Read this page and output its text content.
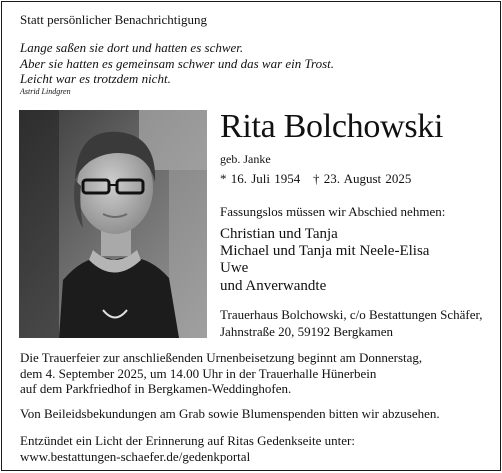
Statt persönlicher Benachrichtigung
Lange saßen sie dort und hatten es schwer.
Aber sie hatten es gemeinsam schwer und das war ein Trost.
Leicht war es trotzdem nicht.
Astrid Lindgren
Rita Bolchowski
geb. Janke
* 16. Juli 1954   † 23. August 2025
Fassungslos müssen wir Abschied nehmen:
Christian und Tanja
Michael und Tanja mit Neele-Elisa
Uwe
und Anverwandte
Trauerhaus Bolchowski, c/o Bestattungen Schäfer,
Jahnstraße 20, 59192 Bergkamen
Die Trauerfeier zur anschließenden Urnenbeisetzung beginnt am Donnerstag,
dem 4. September 2025, um 14.00 Uhr in der Trauerhalle Hünerbein
auf dem Parkfriedhof in Bergkamen-Weddinghofen.
Von Beileidsbekundungen am Grab sowie Blumenspenden bitten wir abzusehen.
Entzündet ein Licht der Erinnerung auf Ritas Gedenkseite unter:
www.bestattungen-schaefer.de/gedenkportal
